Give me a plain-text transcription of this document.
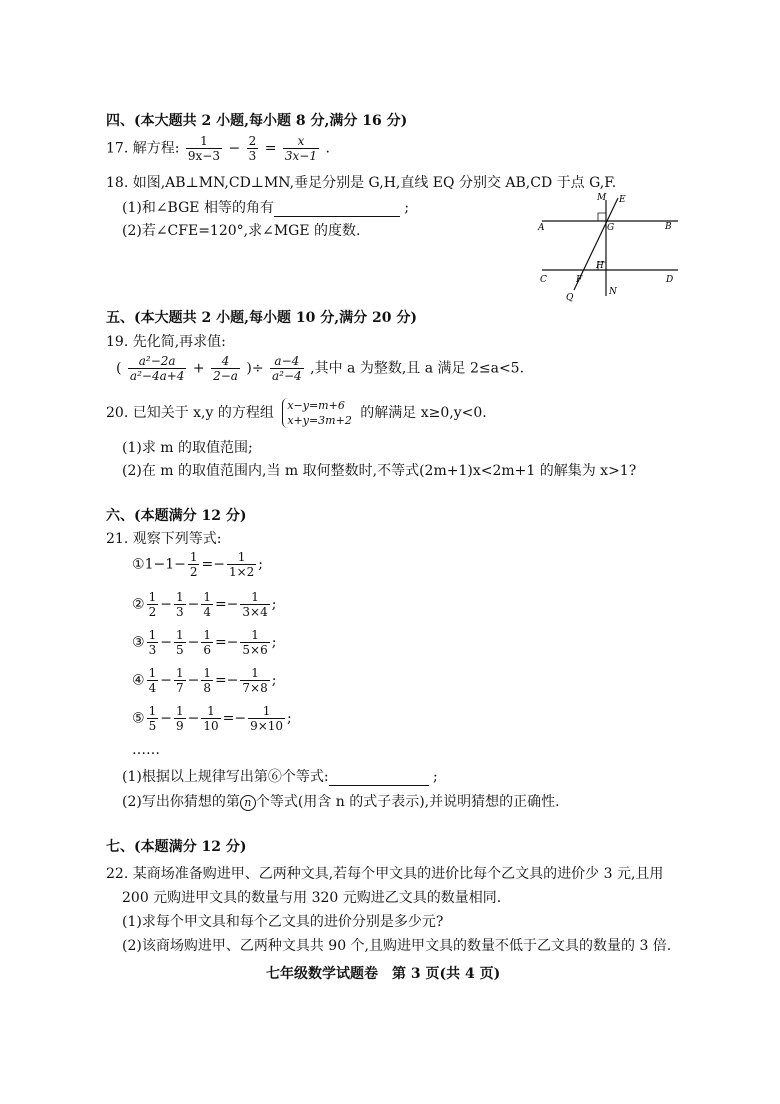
四、(本大题共 2 小题,每小题 8 分,满分 16 分)
17. 解方程: $\frac{1}{9x-3} - \frac{2}{3} = \frac{x}{3x-1}$ .
18. 如图,AB⊥MN,CD⊥MN,垂足分别是 G,H,直线 EQ 分别交 AB,CD 于点 G,F.
(1)和∠BGE 相等的角有	;
(2)若∠CFE=120°,求∠MGE 的度数.
M E
A	G	B
H
C	F	D
Q
N
五、(本大题共 2 小题,每小题 10 分,满分 20 分)
19. 先化简,再求值:
( $\frac{\text{a²−2a}}{\text{a²−4a+4}} + \frac{4}{2-a}$ )÷ $\frac{a-4}{\text{a²−4}}$ ,其中 a 为整数,且 a 满足 2≤a<5.
20. 已知关于 x,y 的方程组 x−y=m+6
x+y=3m+2 的解满足 x≥0,y<0.
(1)求 m 的取值范围;
(2)在 m 的取值范围内,当 m 取何整数时,不等式(2m+1)x<2m+1 的解集为 x>1?
六、(本题满分 12 分)
21. 观察下列等式:
①1−1− $\frac{1}{2} =- \frac{1}{1\times 2}$ ;
② $\frac{1}{2} - \frac{1}{3} - \frac{1}{4} =- \frac{1}{3\times 4}$ ;
③ $\frac{1}{3} - \frac{1}{5} - \frac{1}{6} =- \frac{1}{5\times 6}$ ;
④ $\frac{1}{4} - \frac{1}{7} - \frac{1}{8} =- \frac{1}{7\times 8}$ ;
⑤ $\frac{1}{5} - \frac{1}{9} - \frac{1}{10} =- \frac{1}{9\times 10}$ ;
……
(1)根据以上规律写出第⑥个等式:	;
(2)写出你猜想的第 n 个等式(用含 n 的式子表示),并说明猜想的正确性.
七、(本题满分 12 分)
22. 某商场准备购进甲、乙两种文具,若每个甲文具的进价比每个乙文具的进价少 3 元,且用
200 元购进甲文具的数量与用 320 元购进乙文具的数量相同.
(1)求每个甲文具和每个乙文具的进价分别是多少元?
(2)该商场购进甲、乙两种文具共 90 个,且购进甲文具的数量不低于乙文具的数量的 3 倍.
七年级数学试题卷　第 3 页(共 4 页)
